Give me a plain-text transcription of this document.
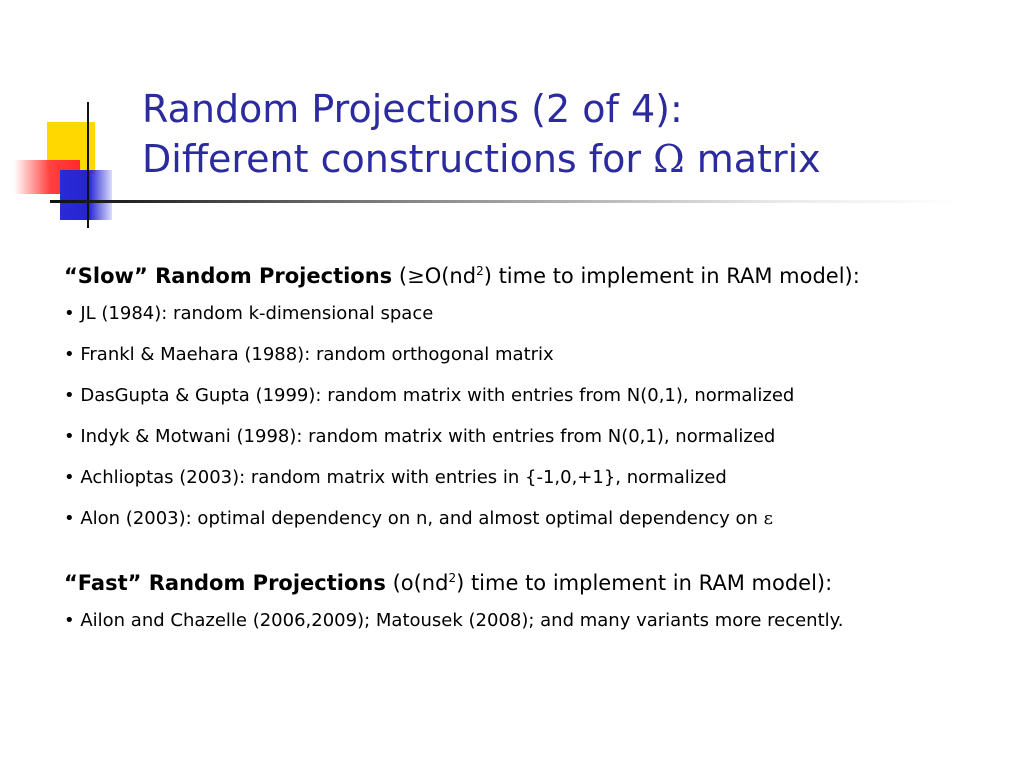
Random Projections (2 of 4):
Different constructions for Ω matrix
“Slow” Random Projections ($\ge O(nd^2)$ time to implement in RAM model):
• JL (1984): random k-dimensional space
• Frankl & Maehara (1988): random orthogonal matrix
• DasGupta & Gupta (1999): random matrix with entries from N(0,1), normalized
• Indyk & Motwani (1998): random matrix with entries from N(0,1), normalized
• Achlioptas (2003): random matrix with entries in {-1,0,+1}, normalized
• Alon (2003): optimal dependency on n, and almost optimal dependency on ε
“Fast” Random Projections ($o(nd^2)$ time to implement in RAM model):
• Ailon and Chazelle (2006,2009); Matousek (2008); and many variants more recently.
